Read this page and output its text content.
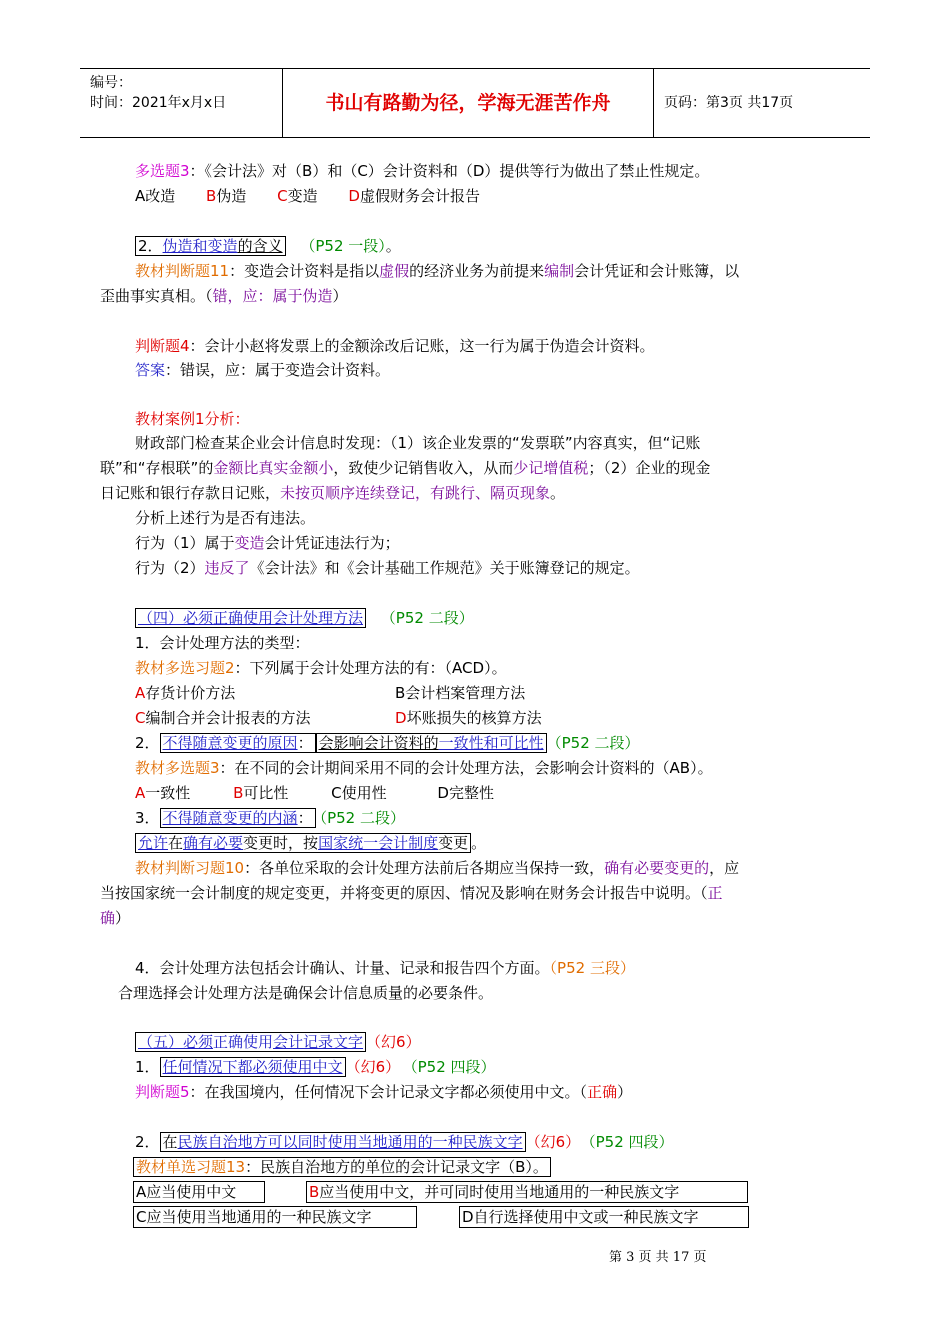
编号：
时间：2021年x月x日	书山有路勤为径，学海无涯苦作舟	页码：第3页 共17页
多选题3：《会计法》对（B）和（C）会计资料和（D）提供等行为做出了禁止性规定。
A改造 B伪造 C变造 D虚假财务会计报告
2．伪造和变造的含义 （P52 一段）。
教材判断题11：变造会计资料是指以虚假的经济业务为前提来编制会计凭证和会计账簿，以
歪曲事实真相。（错，应：属于伪造）
判断题4：会计小赵将发票上的金额涂改后记账，这一行为属于伪造会计资料。
答案：错误，应：属于变造会计资料。
教材案例1分析：
财政部门检查某企业会计信息时发现：（1）该企业发票的“发票联”内容真实，但“记账
联”和“存根联”的金额比真实金额小，致使少记销售收入，从而少记增值税；（2）企业的现金
日记账和银行存款日记账，未按页顺序连续登记，有跳行、隔页现象。
分析上述行为是否有违法。
行为（1）属于变造会计凭证违法行为；
行为（2）违反了《会计法》和《会计基础工作规范》关于账簿登记的规定。
（四）必须正确使用会计处理方法 （P52 二段）
1．会计处理方法的类型：
教材多选习题2：下列属于会计处理方法的有：（ACD）。
A存货计价方法	B会计档案管理方法
C编制合并会计报表的方法	D坏账损失的核算方法
2． 不得随意变更的原因： 会影响会计资料的一致性和可比性 （P52 二段）
教材多选题3：在不同的会计期间采用不同的会计处理方法，会影响会计资料的（AB）。
A一致性	B可比性	C使用性	D完整性
3． 不得随意变更的内涵： （P52 二段）
允许在确有必要变更时，按国家统一会计制度变更 。
教材判断习题10：各单位采取的会计处理方法前后各期应当保持一致，确有必要变更的，应
当按国家统一会计制度的规定变更，并将变更的原因、情况及影响在财务会计报告中说明。（正
确）
4．会计处理方法包括会计确认、计量、记录和报告四个方面。（P52 三段）
合理选择会计处理方法是确保会计信息质量的必要条件。
（五）必须正确使用会计记录文字 （幻6）
1． 任何情况下都必须使用中文 （幻6） （P52 四段）
判断题5：在我国境内，任何情况下会计记录文字都必须使用中文。（正确）
2． 在民族自治地方可以同时使用当地通用的一种民族文字 （幻6） （P52 四段）
教材单选习题13：民族自治地方的单位的会计记录文字（B）。
A应当使用中文	B应当使用中文，并可同时使用当地通用的一种民族文字
C应当使用当地通用的一种民族文字	D自行选择使用中文或一种民族文字
第 3 页 共 17 页
